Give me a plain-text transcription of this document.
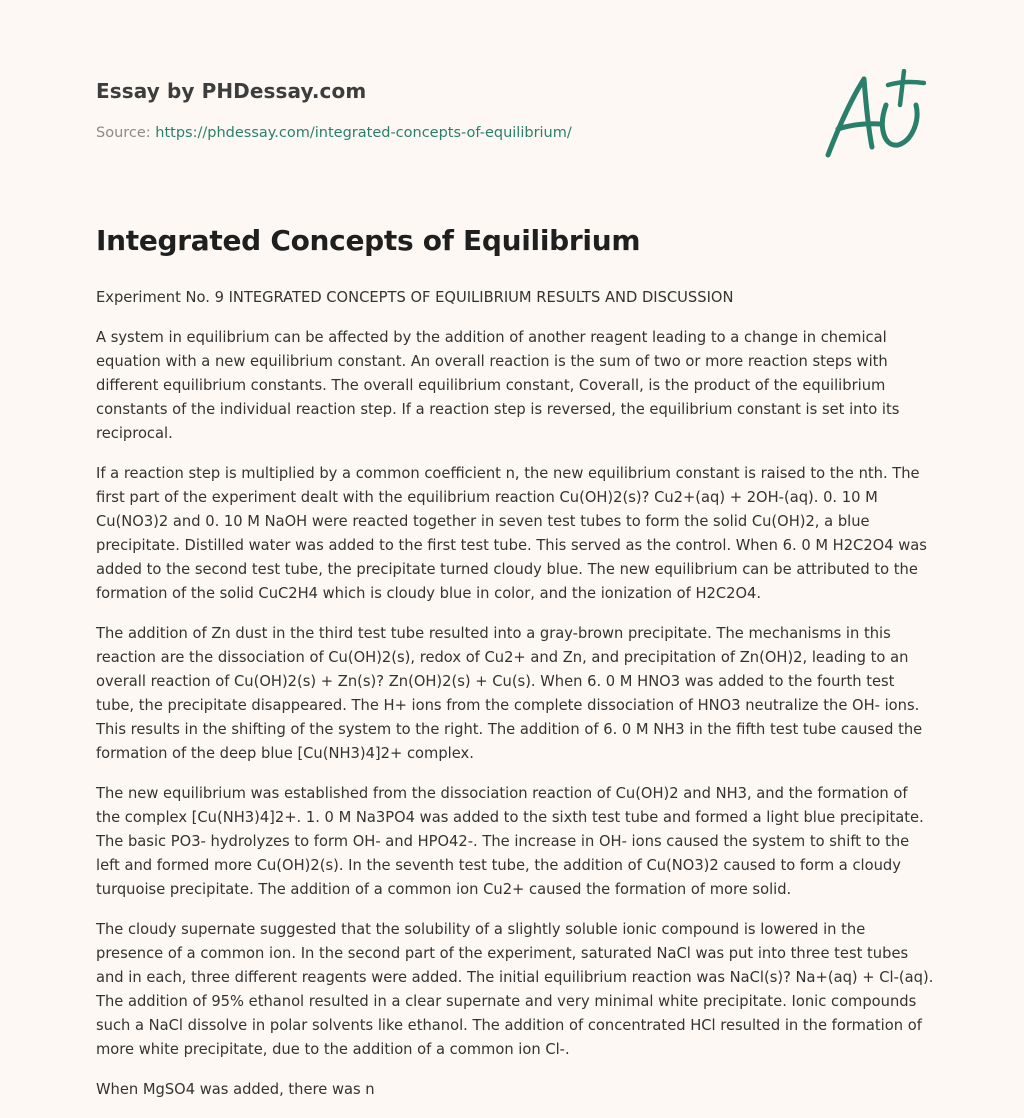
Essay by PHDessay.com
Source: https://phdessay.com/integrated-concepts-of-equilibrium/
Integrated Concepts of Equilibrium

Experiment No. 9 INTEGRATED CONCEPTS OF EQUILIBRIUM RESULTS AND DISCUSSION

A system in equilibrium can be affected by the addition of another reagent leading to a change in chemical equation with a new equilibrium constant. An overall reaction is the sum of two or more reaction steps with different equilibrium constants. The overall equilibrium constant, Coverall, is the product of the equilibrium constants of the individual reaction step. If a reaction step is reversed, the equilibrium constant is set into its reciprocal.

If a reaction step is multiplied by a common coefficient n, the new equilibrium constant is raised to the nth. The first part of the experiment dealt with the equilibrium reaction Cu(OH)2(s)? Cu2+(aq) + 2OH-(aq). 0. 10 M Cu(NO3)2 and 0. 10 M NaOH were reacted together in seven test tubes to form the solid Cu(OH)2, a blue precipitate. Distilled water was added to the first test tube. This served as the control. When 6. 0 M H2C2O4 was added to the second test tube, the precipitate turned cloudy blue. The new equilibrium can be attributed to the formation of the solid CuC2H4 which is cloudy blue in color, and the ionization of H2C2O4.

The addition of Zn dust in the third test tube resulted into a gray-brown precipitate. The mechanisms in this reaction are the dissociation of Cu(OH)2(s), redox of Cu2+ and Zn, and precipitation of Zn(OH)2, leading to an overall reaction of Cu(OH)2(s) + Zn(s)? Zn(OH)2(s) + Cu(s). When 6. 0 M HNO3 was added to the fourth test tube, the precipitate disappeared. The H+ ions from the complete dissociation of HNO3 neutralize the OH- ions. This results in the shifting of the system to the right. The addition of 6. 0 M NH3 in the fifth test tube caused the formation of the deep blue [Cu(NH3)4]2+ complex.

The new equilibrium was established from the dissociation reaction of Cu(OH)2 and NH3, and the formation of the complex [Cu(NH3)4]2+. 1. 0 M Na3PO4 was added to the sixth test tube and formed a light blue precipitate. The basic PO3- hydrolyzes to form OH- and HPO42-. The increase in OH- ions caused the system to shift to the left and formed more Cu(OH)2(s). In the seventh test tube, the addition of Cu(NO3)2 caused to form a cloudy turquoise precipitate. The addition of a common ion Cu2+ caused the formation of more solid.

The cloudy supernate suggested that the solubility of a slightly soluble ionic compound is lowered in the presence of a common ion. In the second part of the experiment, saturated NaCl was put into three test tubes and in each, three different reagents were added. The initial equilibrium reaction was NaCl(s)? Na+(aq) + Cl-(aq). The addition of 95% ethanol resulted in a clear supernate and very minimal white precipitate. Ionic compounds such a NaCl dissolve in polar solvents like ethanol. The addition of concentrated HCl resulted in the formation of more white precipitate, due to the addition of a common ion Cl-.

When MgSO4 was added, there was n
